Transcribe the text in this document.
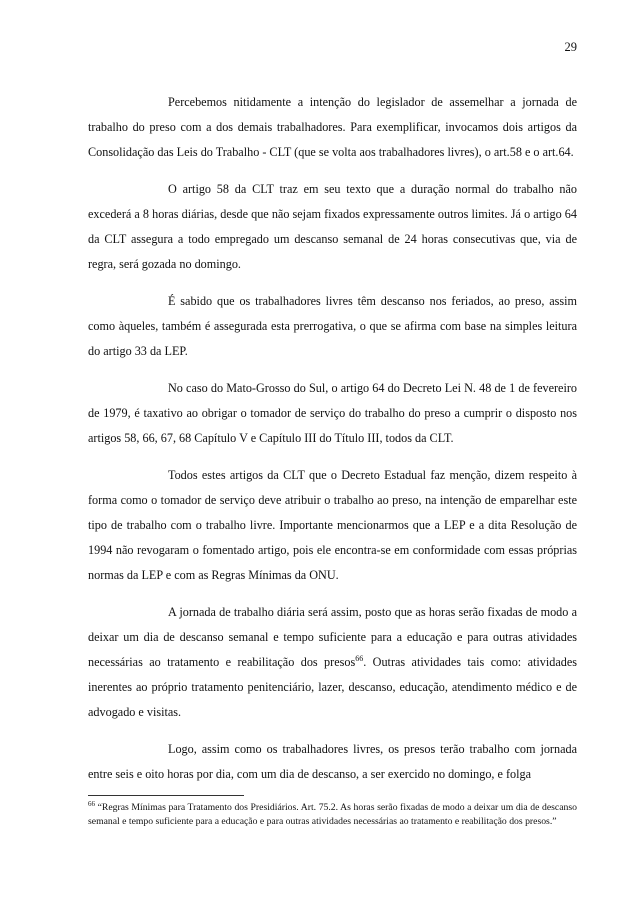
29

Percebemos nitidamente a intenção do legislador de assemelhar a jornada de trabalho do preso com a dos demais trabalhadores. Para exemplificar, invocamos dois artigos da Consolidação das Leis do Trabalho - CLT (que se volta aos trabalhadores livres), o art.58 e o art.64.

O artigo 58 da CLT traz em seu texto que a duração normal do trabalho não excederá a 8 horas diárias, desde que não sejam fixados expressamente outros limites. Já o artigo 64 da CLT assegura a todo empregado um descanso semanal de 24 horas consecutivas que, via de regra, será gozada no domingo.

É sabido que os trabalhadores livres têm descanso nos feriados, ao preso, assim como àqueles, também é assegurada esta prerrogativa, o que se afirma com base na simples leitura do artigo 33 da LEP.

No caso do Mato-Grosso do Sul, o artigo 64 do Decreto Lei N. 48 de 1 de fevereiro de 1979, é taxativo ao obrigar o tomador de serviço do trabalho do preso a cumprir o disposto nos artigos 58, 66, 67, 68 Capítulo V e Capítulo III do Título III, todos da CLT.

Todos estes artigos da CLT que o Decreto Estadual faz menção, dizem respeito à forma como o tomador de serviço deve atribuir o trabalho ao preso, na intenção de emparelhar este tipo de trabalho com o trabalho livre. Importante mencionarmos que a LEP e a dita Resolução de 1994 não revogaram o fomentado artigo, pois ele encontra-se em conformidade com essas próprias normas da LEP e com as Regras Mínimas da ONU.

A jornada de trabalho diária será assim, posto que as horas serão fixadas de modo a deixar um dia de descanso semanal e tempo suficiente para a educação e para outras atividades necessárias ao tratamento e reabilitação dos presos$^{66}$. Outras atividades tais como: atividades inerentes ao próprio tratamento penitenciário, lazer, descanso, educação, atendimento médico e de advogado e visitas.

Logo, assim como os trabalhadores livres, os presos terão trabalho com jornada entre seis e oito horas por dia, com um dia de descanso, a ser exercido no domingo, e folga

$^{66}$ “Regras Mínimas para Tratamento dos Presidiários. Art. 75.2. As horas serão fixadas de modo a deixar um dia de descanso semanal e tempo suficiente para a educação e para outras atividades necessárias ao tratamento e reabilitação dos presos.”
